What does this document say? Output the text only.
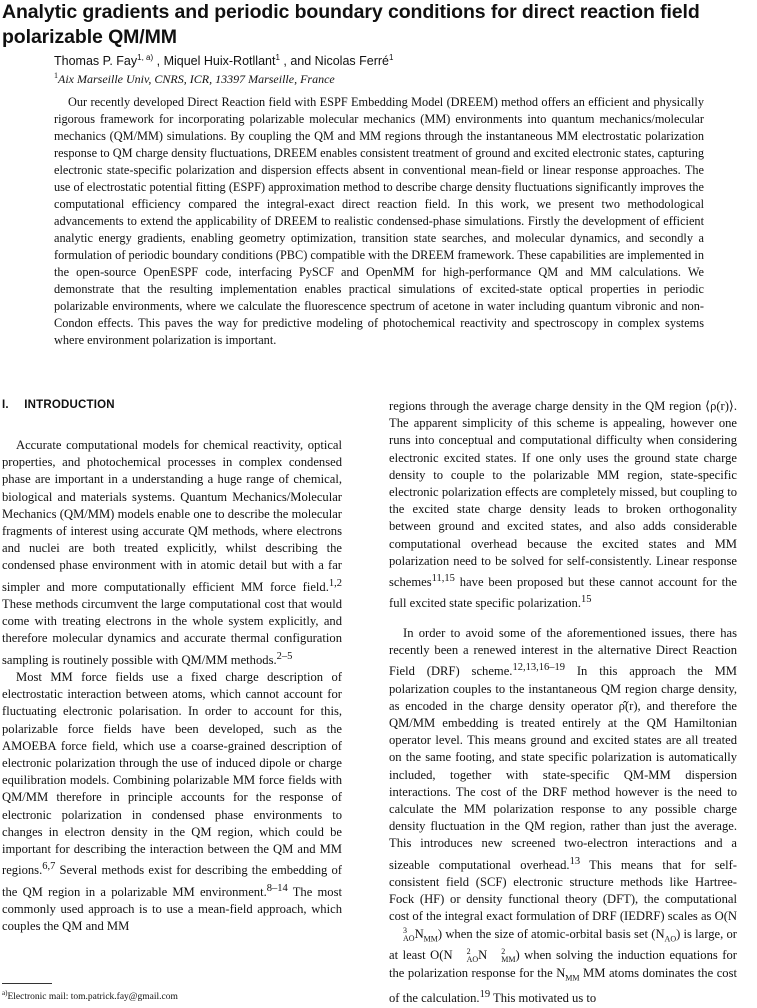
Analytic gradients and periodic boundary conditions for direct reaction field polarizable QM/MM
Thomas P. Fay$^{1, a)}$ , Miquel Huix-Rotllant$^1$ , and Nicolas Ferré$^1$
$^1$Aix Marseille Univ, CNRS, ICR, 13397 Marseille, France

Our recently developed Direct Reaction field with ESPF Embedding Model (DREEM) method offers an efficient and physically rigorous framework for incorporating polarizable molecular mechanics (MM) environments into quantum mechanics/molecular mechanics (QM/MM) simulations. By coupling the QM and MM regions through the instantaneous MM electrostatic polarization response to QM charge density fluctuations, DREEM enables consistent treatment of ground and excited electronic states, capturing electronic state-specific polarization and dispersion effects absent in conventional mean-field or linear response approaches. The use of electrostatic potential fitting (ESPF) approximation method to describe charge density fluctuations significantly improves the computational efficiency compared the integral-exact direct reaction field. In this work, we present two methodological advancements to extend the applicability of DREEM to realistic condensed-phase simulations. Firstly the development of efficient analytic energy gradients, enabling geometry optimization, transition state searches, and molecular dynamics, and secondly a formulation of periodic boundary conditions (PBC) compatible with the DREEM framework. These capabilities are implemented in the open-source OpenESPF code, interfacing PySCF and OpenMM for high-performance QM and MM calculations. We demonstrate that the resulting implementation enables practical simulations of excited-state optical properties in periodic polarizable environments, where we calculate the fluorescence spectrum of acetone in water including quantum vibronic and non-Condon effects. This paves the way for predictive modeling of photochemical reactivity and spectroscopy in complex systems where environment polarization is important.

I. INTRODUCTION

Accurate computational models for chemical reactivity, optical properties, and photochemical processes in complex condensed phase are important in a understanding a huge range of chemical, biological and materials systems. Quantum Mechanics/Molecular Mechanics (QM/MM) models enable one to describe the molecular fragments of interest using accurate QM methods, where electrons and nuclei are both treated explicitly, whilst describing the condensed phase environment with in atomic detail but with a far simpler and more computationally efficient MM force field.$^{1,2}$ These methods circumvent the large computational cost that would come with treating electrons in the whole system explicitly, and therefore molecular dynamics and accurate thermal configuration sampling is routinely possible with QM/MM methods.$^{2-5}$

Most MM force fields use a fixed charge description of electrostatic interaction between atoms, which cannot account for fluctuating electronic polarisation. In order to account for this, polarizable force fields have been developed, such as the AMOEBA force field, which use a coarse-grained description of electronic polarization through the use of induced dipole or charge equilibration models. Combining polarizable MM force fields with QM/MM therefore in principle accounts for the response of electronic polarization in condensed phase environments to changes in electron density in the QM region, which could be important for describing the interaction between the QM and MM regions.$^{6,7}$ Several methods exist for describing the embedding of the QM region in a polarizable MM environment.$^{8-14}$ The most commonly used approach is to use a mean-field approach, which couples the QM and MM

regions through the average charge density in the QM region ⟨ρ(r)⟩. The apparent simplicity of this scheme is appealing, however one runs into conceptual and computational difficulty when considering electronic excited states. If one only uses the ground state charge density to couple to the polarizable MM region, state-specific electronic polarization effects are completely missed, but coupling to the excited state charge density leads to broken orthogonality between ground and excited states, and also adds considerable computational overhead because the excited states and MM polarization need to be solved for self-consistently. Linear response schemes$^{11,15}$ have been proposed but these cannot account for the full excited state specific polarization.$^{15}$

In order to avoid some of the aforementioned issues, there has recently been a renewed interest in the alternative Direct Reaction Field (DRF) scheme.$^{12,13,16-19}$ In this approach the MM polarization couples to the instantaneous QM region charge density, as encoded in the charge density operator ρ̂(r), and therefore the QM/MM embedding is treated entirely at the QM Hamiltonian operator level. This means ground and excited states are all treated on the same footing, and state specific polarization is automatically included, together with state-specific QM-MM dispersion interactions. The cost of the DRF method however is the need to calculate the MM polarization response to any possible charge density fluctuation in the QM region, rather than just the average. This introduces new screened two-electron interactions and a sizeable computational overhead.$^{13}$ This means that for self-consistent field (SCF) electronic structure methods like Hartree-Fock (HF) or density functional theory (DFT), the computational cost of the integral exact formulation of DRF (IEDRF) scales as O(N
3
AO $N_{MM}$) when the size of atomic-orbital basis set $(N_{AO})$ is large, or at least O(N	2
AO N	2
MM ) when solving the induction equations for the polarization response for the $N_{MM}$ MM atoms dominates the cost of the calculation.$^{19}$ This motivated us to

$^{a)}$Electronic mail: tom.patrick.fay@gmail.com
